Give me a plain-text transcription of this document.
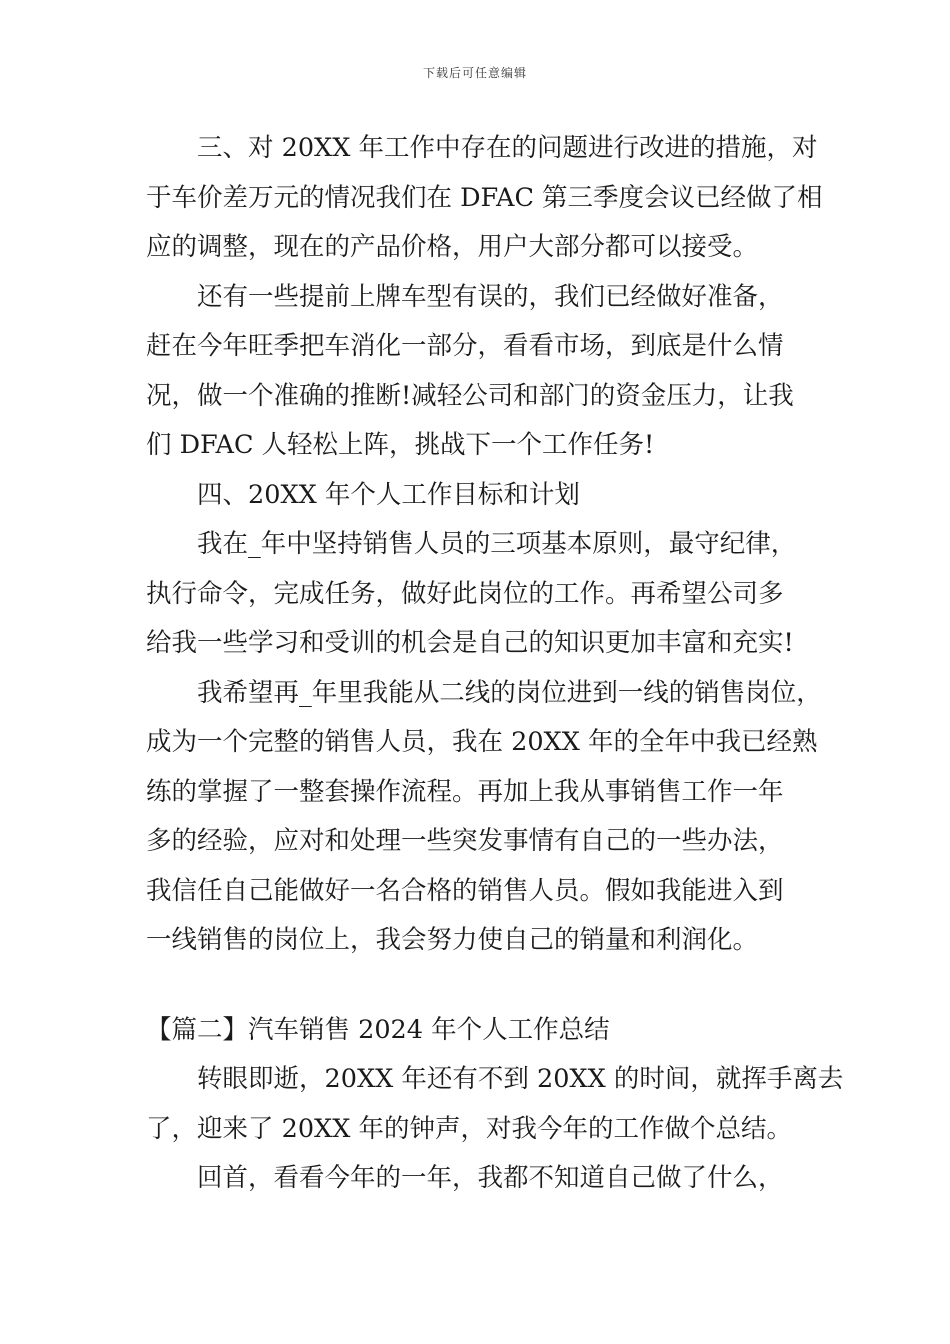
下载后可任意编辑
三、对 20XX 年工作中存在的问题进行改进的措施，对
于车价差万元的情况我们在 DFAC 第三季度会议已经做了相
应的调整，现在的产品价格，用户大部分都可以接受。
还有一些提前上牌车型有误的，我们已经做好准备，
赶在今年旺季把车消化一部分，看看市场，到底是什么情
况，做一个准确的推断!减轻公司和部门的资金压力，让我
们 DFAC 人轻松上阵，挑战下一个工作任务!
四、20XX 年个人工作目标和计划
我在_年中坚持销售人员的三项基本原则，最守纪律，
执行命令，完成任务，做好此岗位的工作。再希望公司多
给我一些学习和受训的机会是自己的知识更加丰富和充实!
我希望再_年里我能从二线的岗位进到一线的销售岗位，
成为一个完整的销售人员，我在 20XX 年的全年中我已经熟
练的掌握了一整套操作流程。再加上我从事销售工作一年
多的经验，应对和处理一些突发事情有自己的一些办法，
我信任自己能做好一名合格的销售人员。假如我能进入到
一线销售的岗位上，我会努力使自己的销量和利润化。
【篇二】汽车销售 2024 年个人工作总结
转眼即逝，20XX 年还有不到 20XX 的时间，就挥手离去
了，迎来了 20XX 年的钟声，对我今年的工作做个总结。
回首，看看今年的一年，我都不知道自己做了什么，
